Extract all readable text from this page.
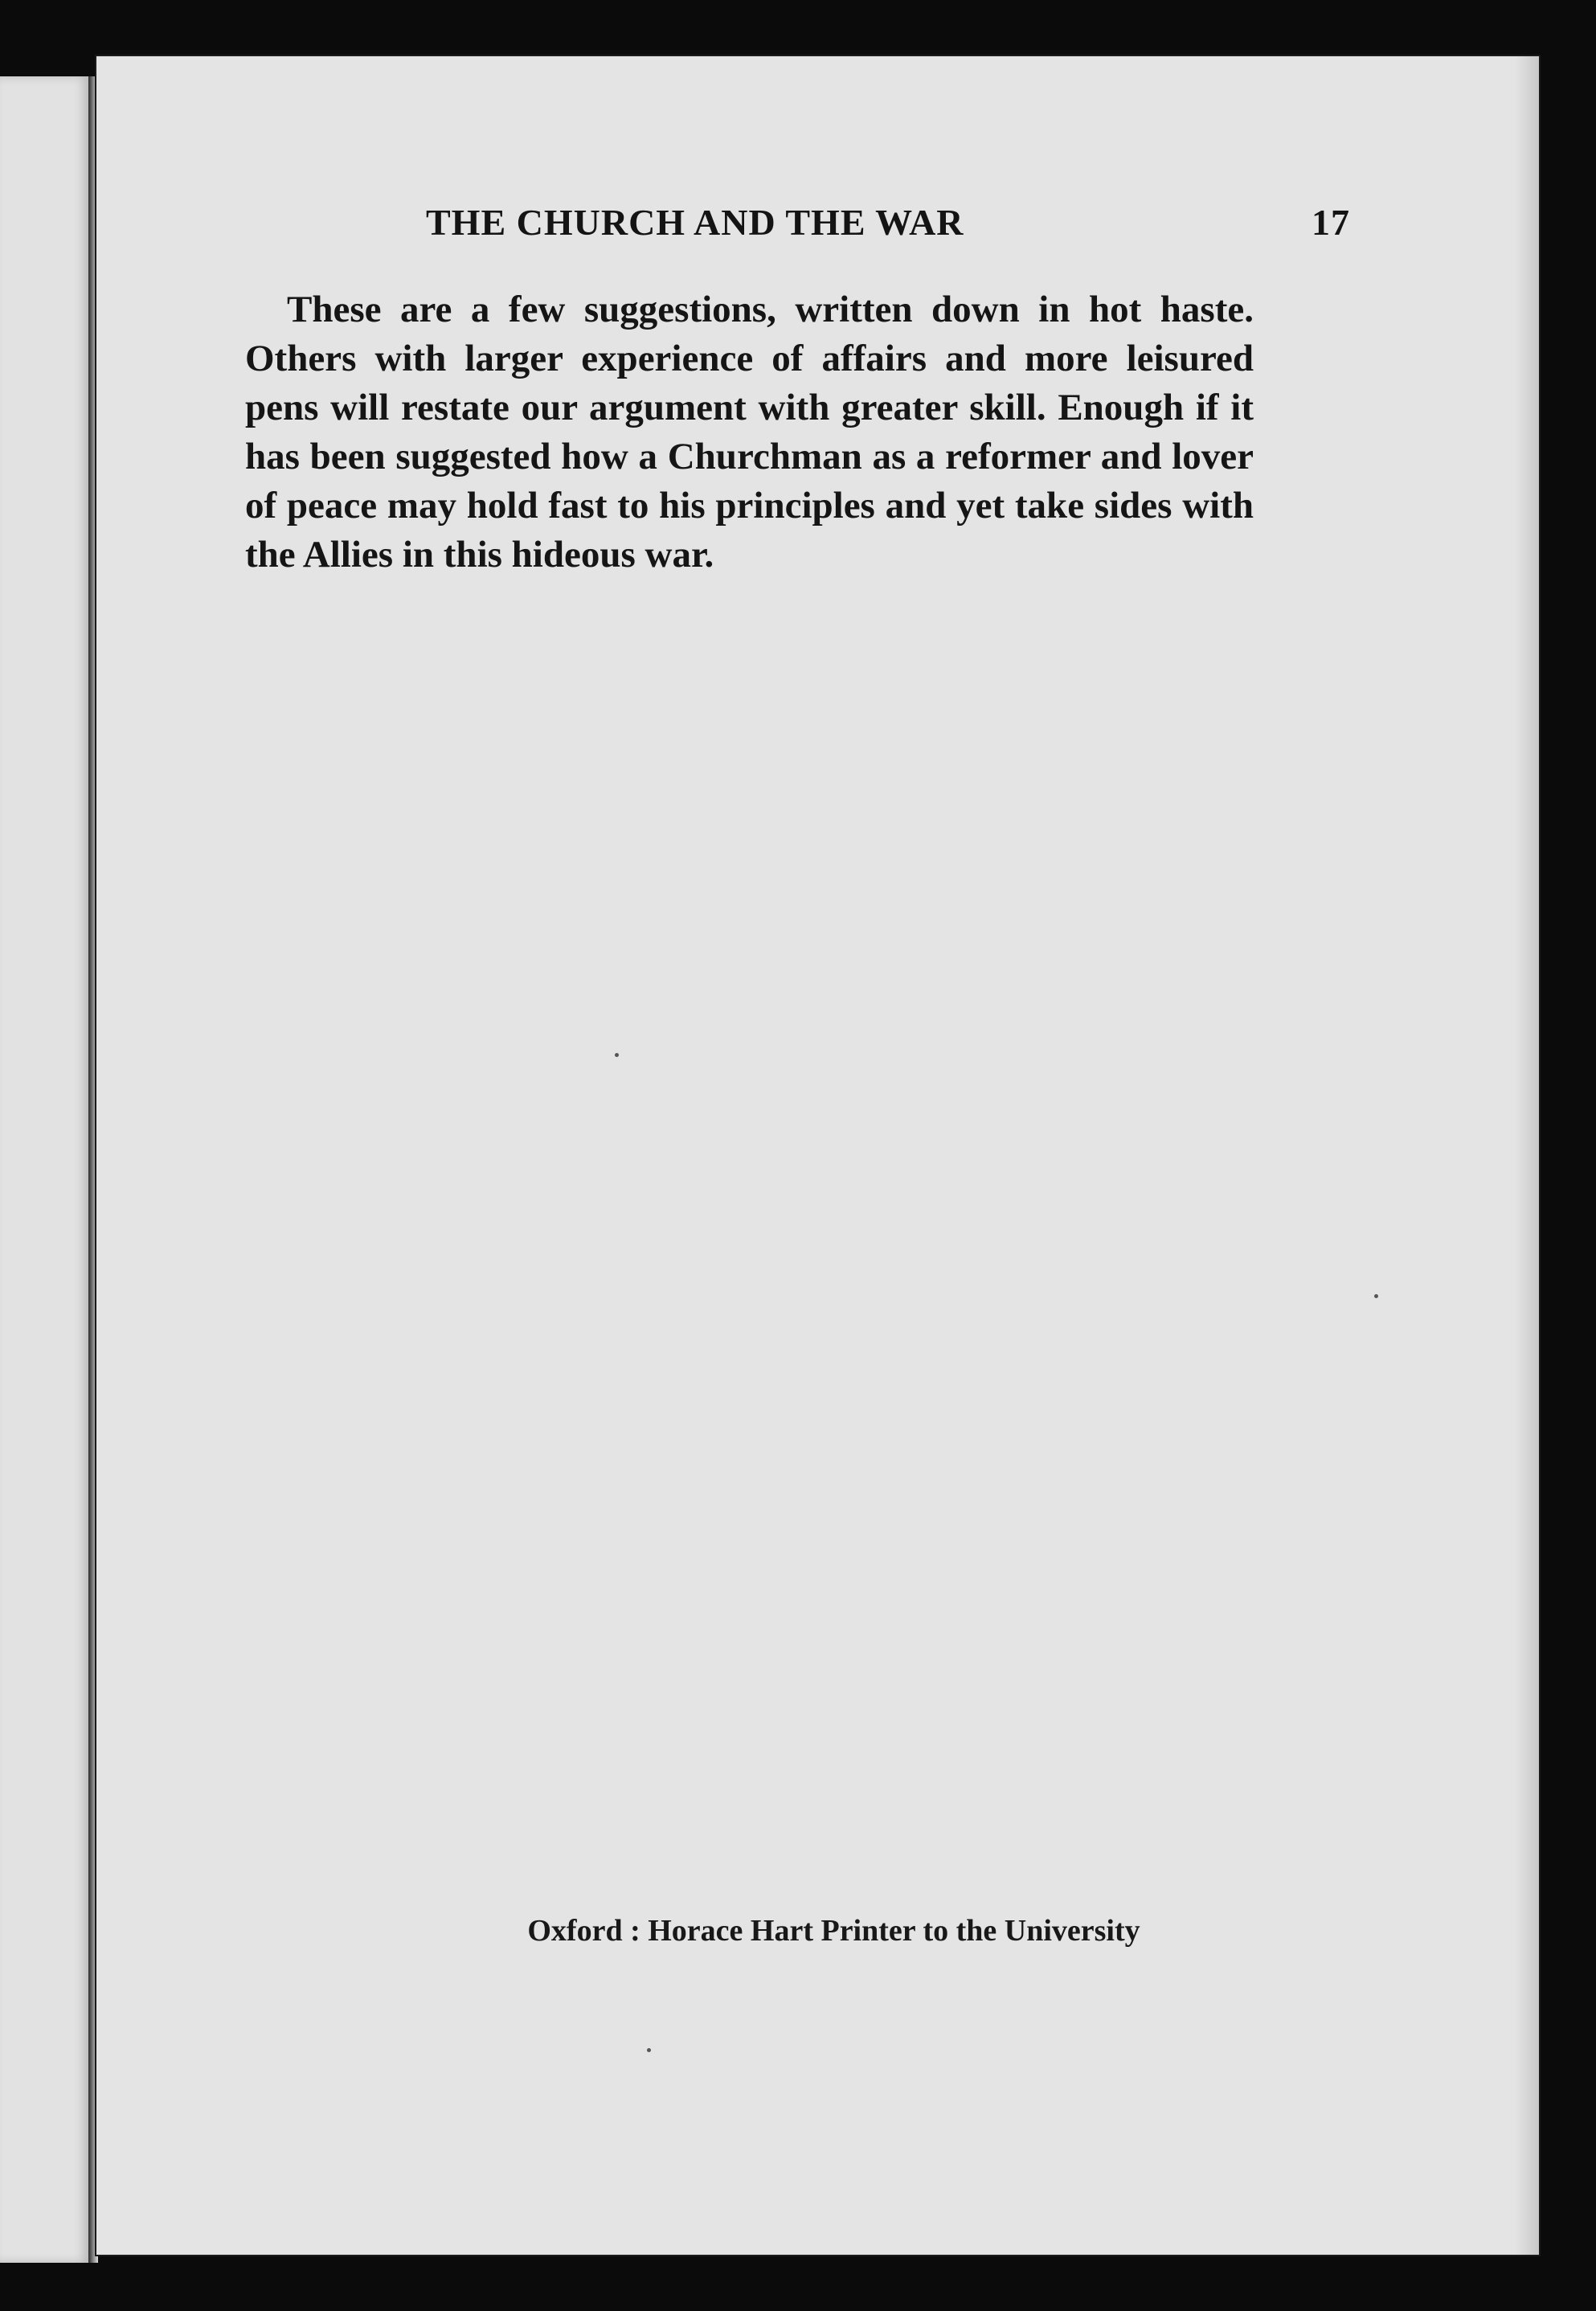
THE CHURCH AND THE WAR	17

These are a few suggestions, written down in hot haste. Others with larger experience of affairs and more leisured pens will restate our argument with greater skill. Enough if it has been suggested how a Churchman as a reformer and lover of peace may hold fast to his principles and yet take sides with the Allies in this hideous war.

Oxford : Horace Hart Printer to the University
